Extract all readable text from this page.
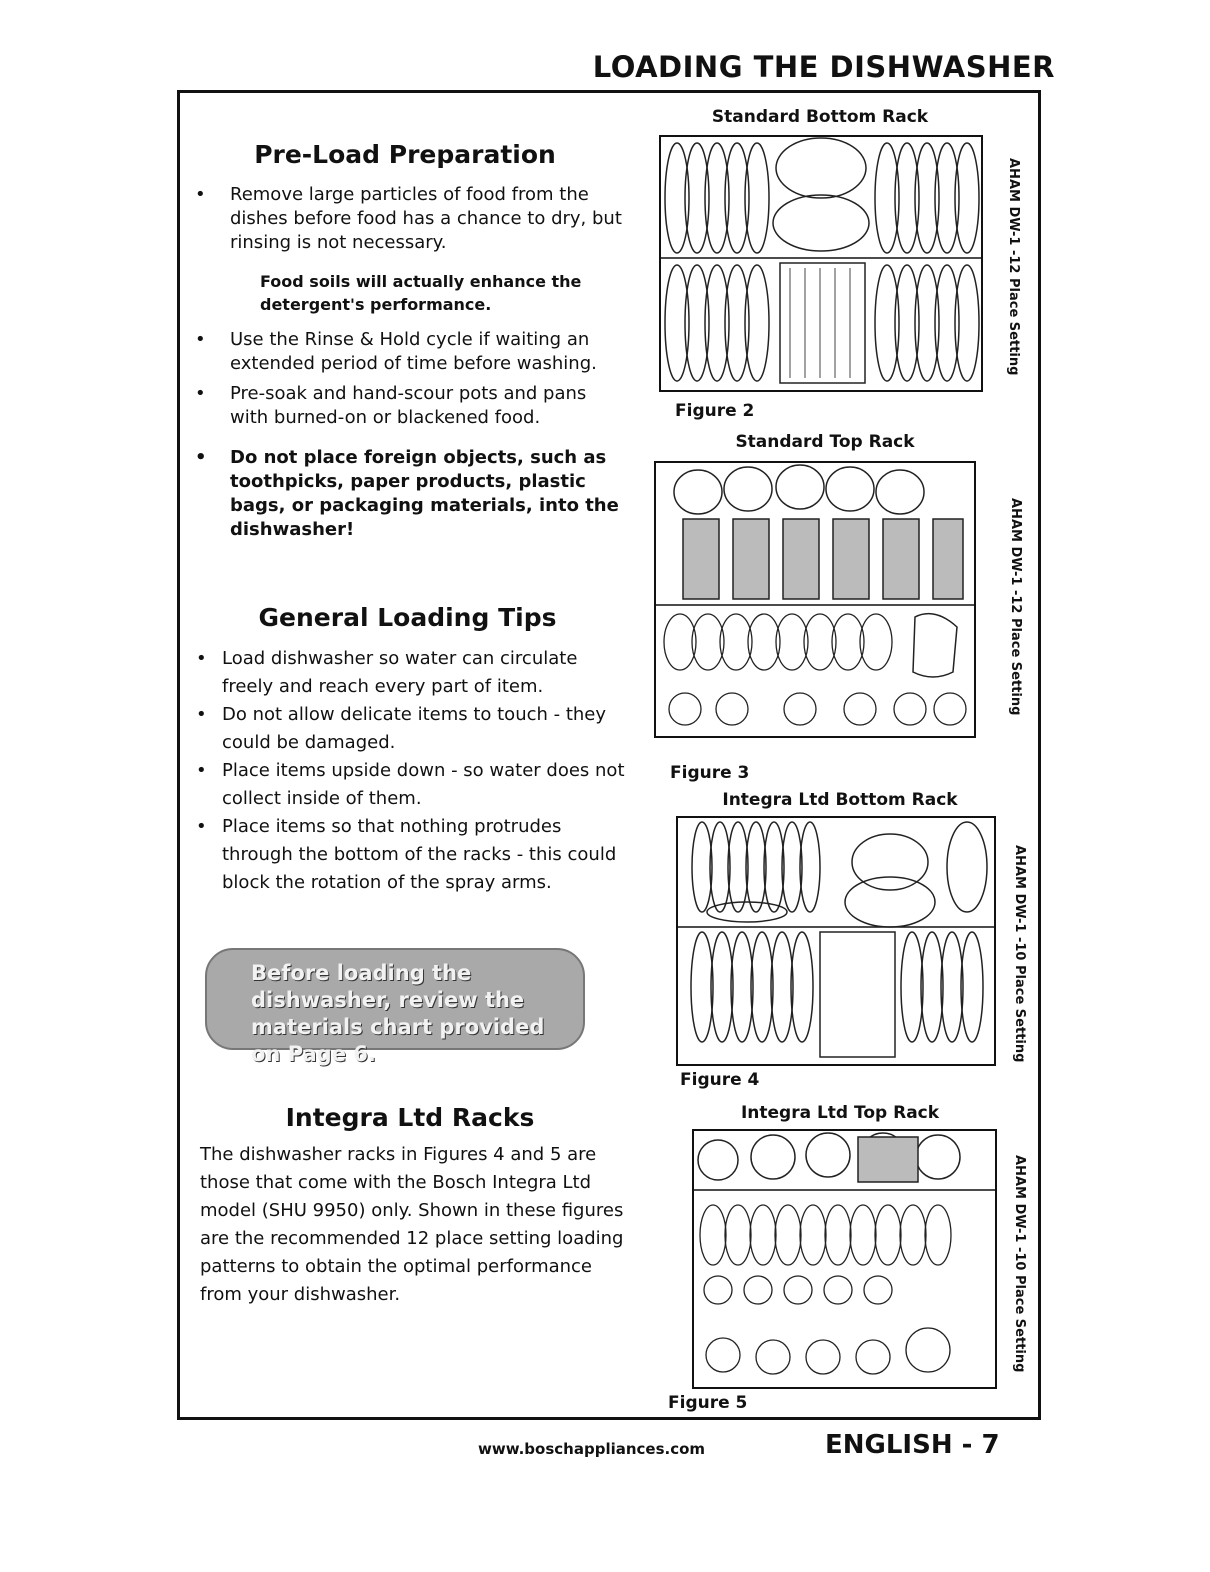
LOADING THE DISHWASHER
Pre-Load Preparation
• Remove large particles of food from the dishes before food has a chance to dry, but rinsing is not necessary.
Food soils will actually enhance the detergent's performance.
• Use the Rinse & Hold cycle if waiting an extended period of time before washing.
• Pre-soak and hand-scour pots and pans with burned-on or blackened food.
• Do not place foreign objects, such as toothpicks, paper products, plastic bags, or packaging materials, into the dishwasher!
General Loading Tips
• Load dishwasher so water can circulate freely and reach every part of item.
• Do not allow delicate items to touch - they could be damaged.
• Place items upside down - so water does not collect inside of them.
• Place items so that nothing protrudes through the bottom of the racks - this could block the rotation of the spray arms.
Before loading the dishwasher, review the materials chart provided on Page 6.
Integra Ltd Racks
The dishwasher racks in Figures 4 and 5 are those that come with the Bosch Integra Ltd model (SHU 9950) only. Shown in these figures are the recommended 12 place setting loading patterns to obtain the optimal performance from your dishwasher.
Standard Bottom Rack
Figure 2
AHAM DW-1 -12 Place Setting
Standard Top Rack
Figure 3
AHAM DW-1 -12 Place Setting
Integra Ltd Bottom Rack
Figure 4
AHAM DW-1 -10 Place Setting
Integra Ltd Top Rack
Figure 5
AHAM DW-1 -10 Place Setting
www.boschappliances.com	ENGLISH - 7
